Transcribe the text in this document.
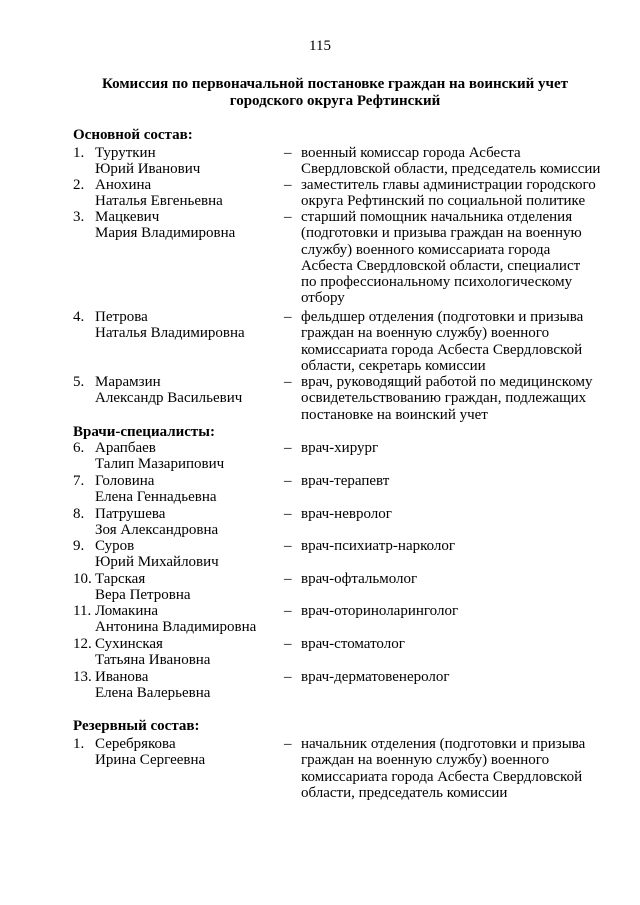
115
Комиссия по первоначальной постановке граждан на воинский учет
городского округа Рефтинский
Основной состав:
Врачи-специалисты:
Резервный состав:
1. Туруткин
Юрий Иванович
– военный комиссар города Асбеста
Свердловской области, председатель комиссии
2. Анохина
Наталья Евгеньевна
– заместитель главы администрации городского
округа Рефтинский по социальной политике
3. Мацкевич
Мария Владимировна
– старший помощник начальника отделения
(подготовки и призыва граждан на военную
службу) военного комиссариата города
Асбеста Свердловской области, специалист
по профессиональному психологическому
отбору
4. Петрова
Наталья Владимировна
– фельдшер отделения (подготовки и призыва
граждан на военную службу) военного
комиссариата города Асбеста Свердловской
области, секретарь комиссии
5. Марамзин
Александр Васильевич
– врач, руководящий работой по медицинскому
освидетельствованию граждан, подлежащих
постановке на воинский учет
6. Арапбаев
Талип Мазарипович
– врач-хирург
7. Головина
Елена Геннадьевна
– врач-терапевт
8. Патрушева
Зоя Александровна
– врач-невролог
9. Суров
Юрий Михайлович
– врач-психиатр-нарколог
10. Тарская
Вера Петровна
– врач-офтальмолог
11. Ломакина
Антонина Владимировна
– врач-оториноларинголог
12. Сухинская
Татьяна Ивановна
– врач-стоматолог
13. Иванова
Елена Валерьевна
– врач-дерматовенеролог
1. Серебрякова
Ирина Сергеевна
– начальник отделения (подготовки и призыва
граждан на военную службу) военного
комиссариата города Асбеста Свердловской
области, председатель комиссии
